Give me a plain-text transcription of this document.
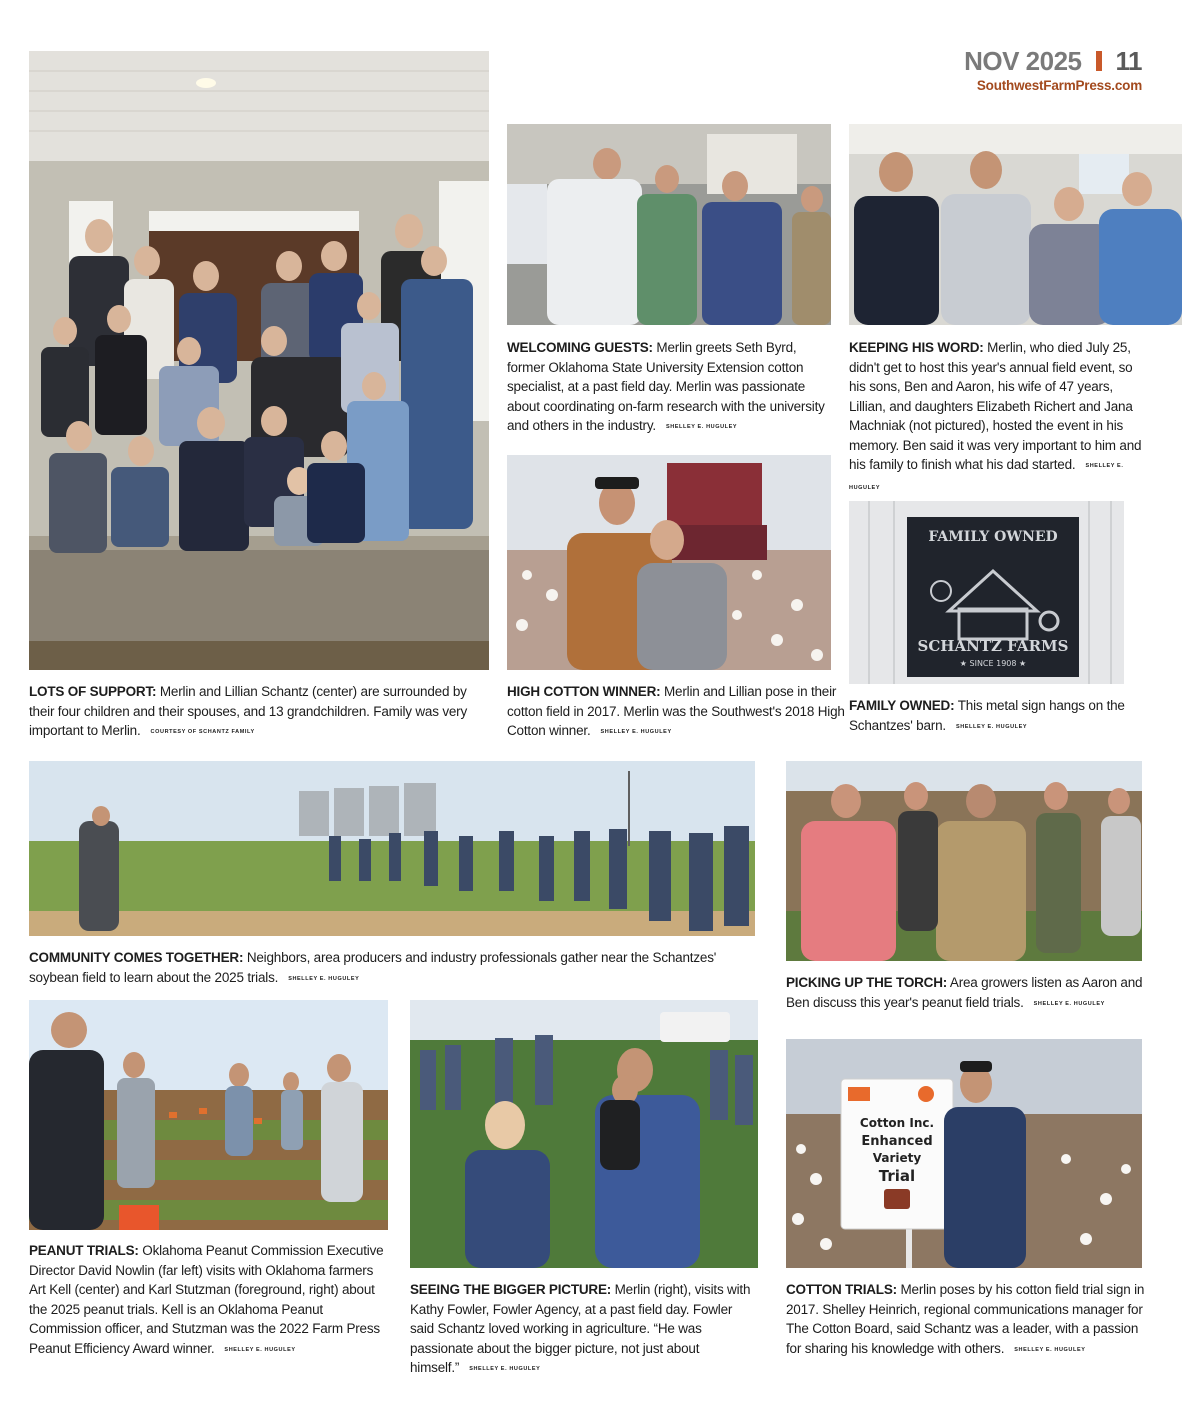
NOV 2025 11
SouthwestFarmPress.com
LOTS OF SUPPORT: Merlin and Lillian Schantz (center) are surrounded by their four children and their spouses, and 13 grandchildren. Family was very important to Merlin. COURTESY OF SCHANTZ FAMILY
WELCOMING GUESTS: Merlin greets Seth Byrd, former Oklahoma State University Extension cotton specialist, at a past field day. Merlin was passionate about coordinating on-farm research with the university and others in the industry. SHELLEY E. HUGULEY
KEEPING HIS WORD: Merlin, who died July 25, didn't get to host this year's annual field event, so his sons, Ben and Aaron, his wife of 47 years, Lillian, and daughters Elizabeth Richert and Jana Machniak (not pictured), hosted the event in his memory. Ben said it was very important to him and his family to finish what his dad started. SHELLEY E. HUGULEY
HIGH COTTON WINNER: Merlin and Lillian pose in their cotton field in 2017. Merlin was the Southwest's 2018 High Cotton winner. SHELLEY E. HUGULEY
FAMILY OWNED
SCHANTZ FARMS
★ SINCE 1908 ★
FAMILY OWNED: This metal sign hangs on the Schantzes' barn. SHELLEY E. HUGULEY
COMMUNITY COMES TOGETHER: Neighbors, area producers and industry professionals gather near the Schantzes' soybean field to learn about the 2025 trials. SHELLEY E. HUGULEY	PICKING UP THE TORCH: Area growers listen as Aaron and Ben discuss this year's peanut field trials. SHELLEY E. HUGULEY
PEANUT TRIALS: Oklahoma Peanut Commission Executive Director David Nowlin (far left) visits with Oklahoma farmers Art Kell (center) and Karl Stutzman (foreground, right) about the 2025 peanut trials. Kell is an Oklahoma Peanut Commission officer, and Stutzman was the 2022 Farm Press Peanut Efficiency Award winner. SHELLEY E. HUGULEY
SEEING THE BIGGER PICTURE: Merlin (right), visits with Kathy Fowler, Fowler Agency, at a past field day. Fowler said Schantz loved working in agriculture. “He was passionate about the bigger picture, not just about himself.” SHELLEY E. HUGULEY
Cotton Inc.
Enhanced
Variety
Trial
COTTON TRIALS: Merlin poses by his cotton field trial sign in 2017. Shelley Heinrich, regional communications manager for The Cotton Board, said Schantz was a leader, with a passion for sharing his knowledge with others. SHELLEY E. HUGULEY
